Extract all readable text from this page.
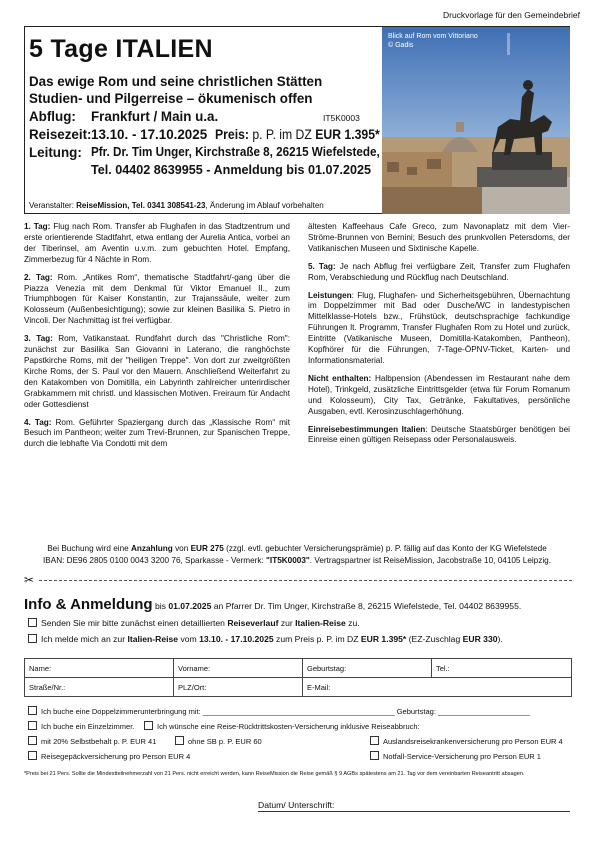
Druckvorlage für den Gemeindebrief
5 Tage ITALIEN
Das ewige Rom und seine christlichen Stätten
Studien- und Pilgerreise – ökumenisch offen
Abflug: Frankfurt / Main u.a.	IT5K0003
Reisezeit: 13.10. - 17.10.2025 Preis: p. P. im DZ EUR 1.395*
Leitung: Pfr. Dr. Tim Unger, Kirchstraße 8, 26215 Wiefelstede,
Tel. 04402 8639955 - Anmeldung bis 01.07.2025
Veranstalter: ReiseMission, Tel. 0341 308541-23, Änderung im Ablauf vorbehalten
Blick auf Rom vom Vittoriano
© Gadis

1. Tag: Flug nach Rom. Transfer ab Flughafen in das Stadtzentrum und erste orientierende Stadtfahrt, etwa entlang der Aurelia Antica, vorbei an der Tiberinsel, am Aventin u.v.m. zum gebuchten Hotel. Empfang, Zimmerbezug für 4 Nächte in Rom.

2. Tag: Rom. „Antikes Rom“, thematische Stadtfahrt/-gang über die Piazza Venezia mit dem Denkmal für Viktor Emanuel II., zum Triumphbogen für Kaiser Konstantin, zur Trajanssäule, weiter zum Kolosseum (Außenbesichtigung); sowie zur kleinen Basilika S. Pietro in Vincoli. Der Nachmittag ist frei verfügbar.

3. Tag: Rom, Vatikanstaat. Rundfahrt durch das "Christliche Rom": zunächst zur Basilika San Giovanni in Laterano, die ranghöchste Papstkirche Roms, mit der "heiligen Treppe". Von dort zur zweitgrößten Kirche Roms, der S. Paul vor den Mauern. Anschließend Weiterfahrt zu den Katakomben von Domitilla, ein Labyrinth zahlreicher unterirdischer Grabkammern mit christl. und klassischen Motiven. Freiraum für Andacht oder Gottesdienst

4. Tag: Rom. Geführter Spaziergang durch das „Klassische Rom“ mit Besuch im Pantheon; weiter zum Trevi-Brunnen, zur Spanischen Treppe, durch die lebhafte Via Condotti mit dem

ältesten Kaffeehaus Cafe Greco, zum Navonaplatz mit dem Vier-Ströme-Brunnen von Bernini; Besuch des prunkvollen Petersdoms, der Vatikanischen Museen und Sixtinische Kapelle.

5. Tag: Je nach Abflug frei verfügbare Zeit, Transfer zum Flughafen Rom, Verabschiedung und Rückflug nach Deutschland.

Leistungen: Flug, Flughafen- und Sicherheitsgebühren, Übernachtung im Doppelzimmer mit Bad oder Dusche/WC in landestypischen Mittelklasse-Hotels bzw., Frühstück, deutschsprachige fachkundige Führungen lt. Programm, Transfer Flughafen Rom zu Hotel und zurück, Eintritte (Vatikanische Museen, Domitilla-Katakomben, Pantheon), Kopfhörer für die Führungen, 7-Tage-ÖPNV-Ticket, Karten- und Informationsmaterial.

Nicht enthalten: Halbpension (Abendessen im Restaurant nahe dem Hotel), Trinkgeld, zusätzliche Eintrittsgelder (etwa für Forum Romanum und Kolosseum), City Tax, Getränke, Fakultatives, persönliche Ausgaben, evtl. Kerosinzuschlagerhöhung.

Einreisebestimmungen Italien: Deutsche Staatsbürger benötigen bei Einreise einen gültigen Reisepass oder Personalausweis.

Bei Buchung wird eine Anzahlung von EUR 275 (zzgl. evtl. gebuchter Versicherungsprämie) p. P. fällig auf das Konto der KG Wiefelstede
IBAN: DE96 2805 0100 0043 3200 76, Sparkasse - Vermerk: "IT5K0003". Vertragspartner ist ReiseMission, Jacobstraße 10, 04105 Leipzig.
✂
Info & Anmeldung bis 01.07.2025 an Pfarrer Dr. Tim Unger, Kirchstraße 8, 26215 Wiefelstede, Tel. 04402 8639955.
Senden Sie mir bitte zunächst einen detaillierten Reiseverlauf zur Italien-Reise zu.
Ich melde mich an zur Italien-Reise vom 13.10. - 17.10.2025 zum Preis p. P. im DZ EUR 1.395* (EZ-Zuschlag EUR 330).
Name:	Vorname:	Geburtstag:	Tel.:
Straße/Nr.:	PLZ/Ort:	E-Mail:	
Ich buche eine Doppelzimmerunterbringung mit: ______________________________________________ Geburtstag: ______________________
Ich buche ein Einzelzimmer.	Ich wünsche eine Reise-Rücktrittskosten-Versicherung inklusive Reiseabbruch:
mit 20% Selbstbehalt p. P. EUR 41	ohne SB p. P. EUR 60	Auslandsreisekrankenversicherung pro Person EUR 4
Reisegepäckversicherung pro Person EUR 4	Notfall-Service-Versicherung pro Person EUR 1
*Preis bei 21 Pers. Sollte die Mindestteilnehmerzahl von 21 Pers. nicht erreicht werden, kann ReiseMission die Reise gemäß § 9 AGBs spätestens am 21. Tag vor dem vereinbarten Reiseantritt absagen.
Datum/ Unterschrift:
